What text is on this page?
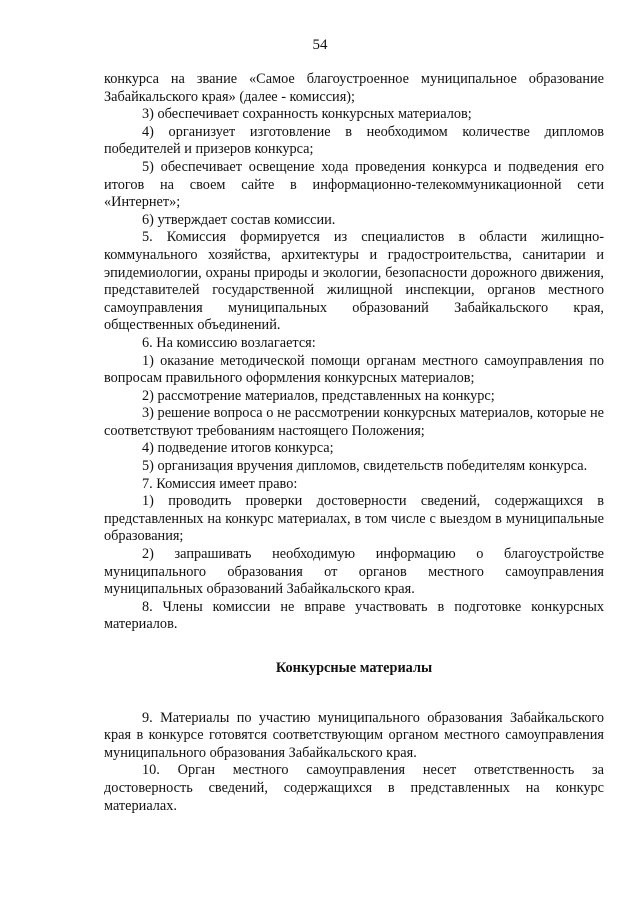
54

конкурса на звание «Самое благоустроенное муниципальное образование Забайкальского края» (далее - комиссия);

3) обеспечивает сохранность конкурсных материалов;

4) организует изготовление в необходимом количестве дипломов победителей и призеров конкурса;

5) обеспечивает освещение хода проведения конкурса и подведения его итогов на своем сайте в информационно-телекоммуникационной сети «Интернет»;

6) утверждает состав комиссии.

5. Комиссия формируется из специалистов в области жилищно-коммунального хозяйства, архитектуры и градостроительства, санитарии и эпидемиологии, охраны природы и экологии, безопасности дорожного движения, представителей государственной жилищной инспекции, органов местного самоуправления муниципальных образований Забайкальского края, общественных объединений.

6. На комиссию возлагается:

1) оказание методической помощи органам местного самоуправления по вопросам правильного оформления конкурсных материалов;

2) рассмотрение материалов, представленных на конкурс;

3) решение вопроса о не рассмотрении конкурсных материалов, которые не соответствуют требованиям настоящего Положения;

4) подведение итогов конкурса;

5) организация вручения дипломов, свидетельств победителям конкурса.

7. Комиссия имеет право:

1) проводить проверки достоверности сведений, содержащихся в представленных на конкурс материалах, в том числе с выездом в муниципальные образования;

2) запрашивать необходимую информацию о благоустройстве муниципального образования от органов местного самоуправления муниципальных образований Забайкальского края.

8. Члены комиссии не вправе участвовать в подготовке конкурсных материалов.

Конкурсные материалы

9. Материалы по участию муниципального образования Забайкальского края в конкурсе готовятся соответствующим органом местного самоуправления муниципального образования Забайкальского края.

10. Орган местного самоуправления несет ответственность за достоверность сведений, содержащихся в представленных на конкурс материалах.
